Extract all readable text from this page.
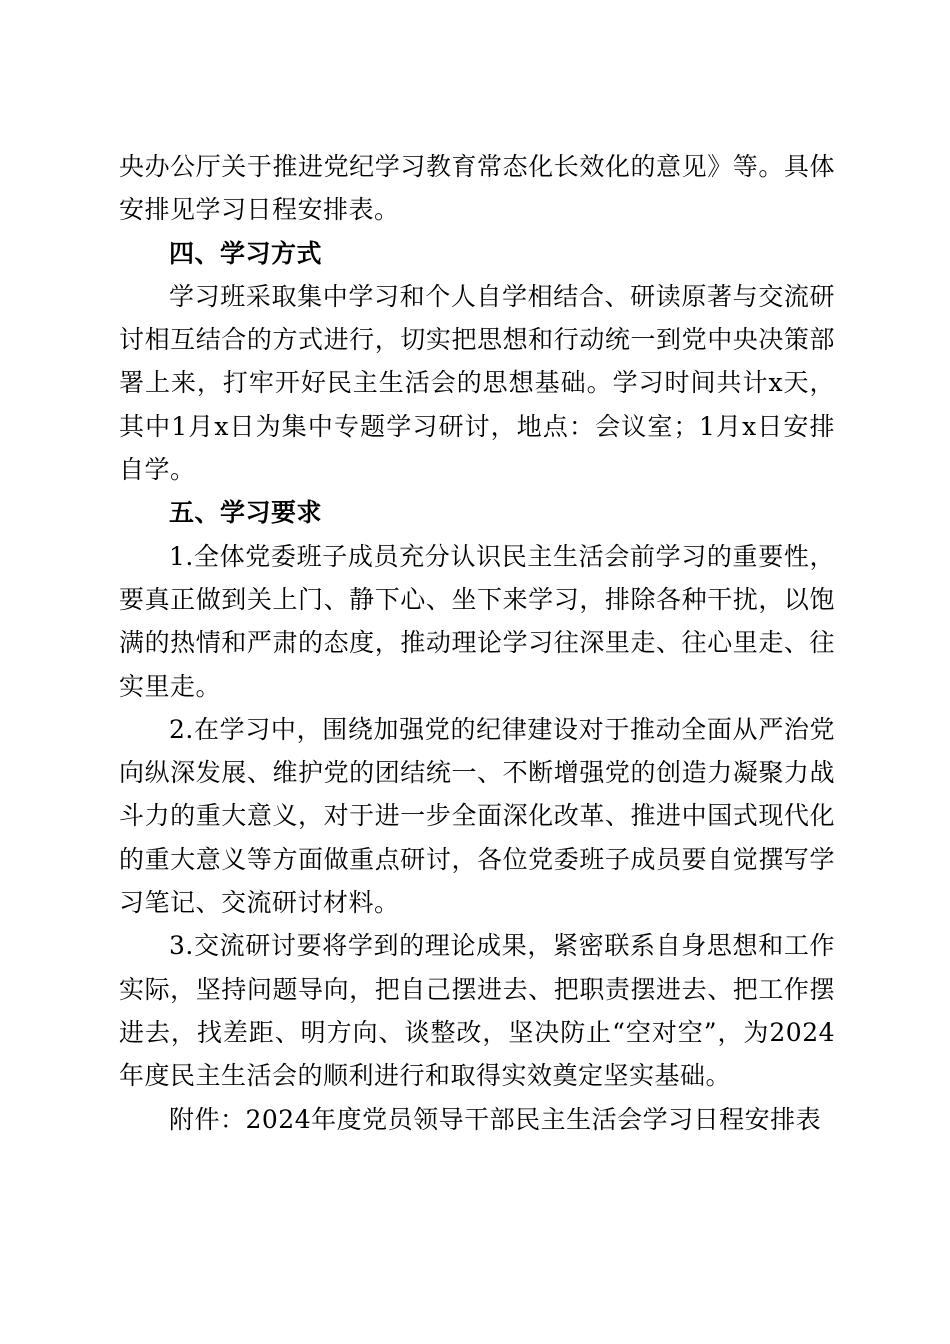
央办公厅关于推进党纪学习教育常态化长效化的意见》等。具体安排见学习日程安排表。

四、学习方式

学习班采取集中学习和个人自学相结合、研读原著与交流研讨相互结合的方式进行，切实把思想和行动统一到党中央决策部署上来，打牢开好民主生活会的思想基础。学习时间共计x天，其中1月x日为集中专题学习研讨，地点：会议室；1月x日安排自学。

五、学习要求

1.全体党委班子成员充分认识民主生活会前学习的重要性，要真正做到关上门、静下心、坐下来学习，排除各种干扰，以饱满的热情和严肃的态度，推动理论学习往深里走、往心里走、往实里走。

2.在学习中，围绕加强党的纪律建设对于推动全面从严治党向纵深发展、维护党的团结统一、不断增强党的创造力凝聚力战斗力的重大意义，对于进一步全面深化改革、推进中国式现代化的重大意义等方面做重点研讨，各位党委班子成员要自觉撰写学习笔记、交流研讨材料。

3.交流研讨要将学到的理论成果，紧密联系自身思想和工作实际，坚持问题导向，把自己摆进去、把职责摆进去、把工作摆进去，找差距、明方向、谈整改，坚决防止“空对空”，为2024年度民主生活会的顺利进行和取得实效奠定坚实基础。

附件：2024年度党员领导干部民主生活会学习日程安排表
